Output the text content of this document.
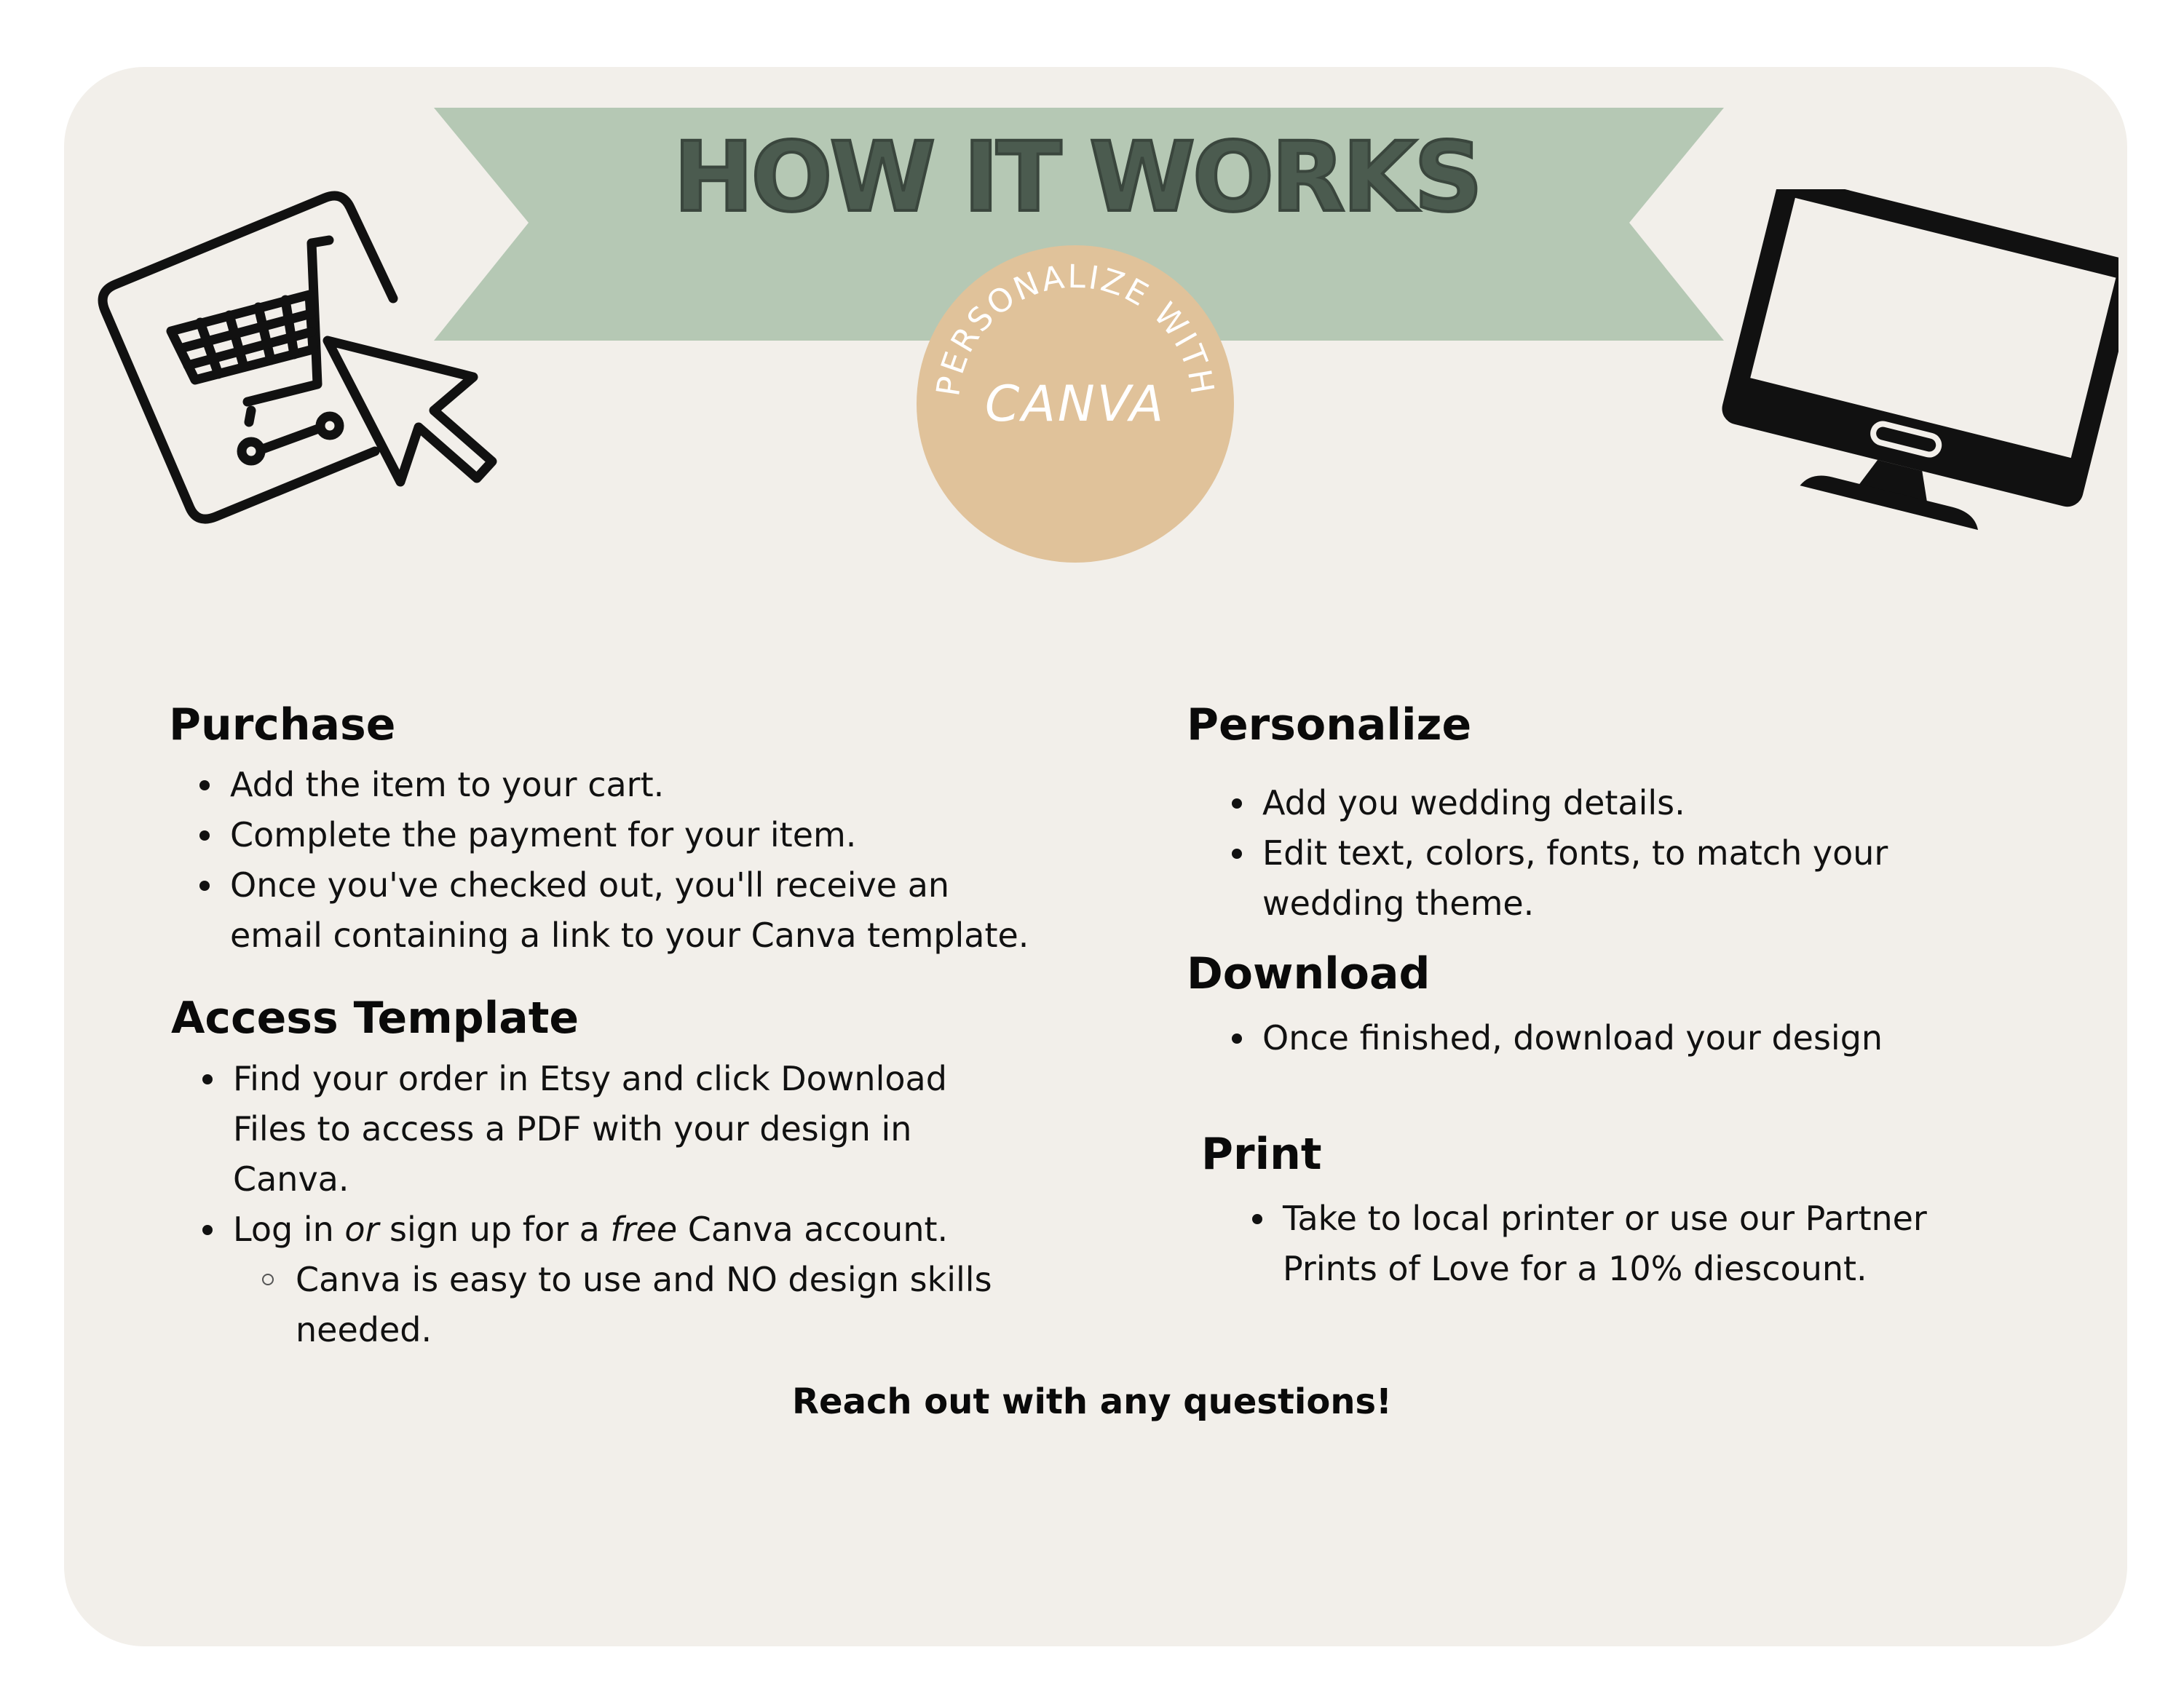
PERSONALIZE WITH
CANVA
HOW IT WORKS
Purchase
Add the item to your cart.
Complete the payment for your item.
Once you've checked out, you'll receive an
email containing a link to your Canva template.
Access Template
Find your order in Etsy and click Download
Files to access a PDF with your design in
Canva.
Log in or sign up for a free Canva account.
Canva is easy to use and NO design skills
needed.
Personalize
Add you wedding details.
Edit text, colors, fonts, to match your
wedding theme.
Download
Once finished, download your design
Print
Take to local printer or use our Partner
Prints of Love for a 10% diescount.
Reach out with any questions!
